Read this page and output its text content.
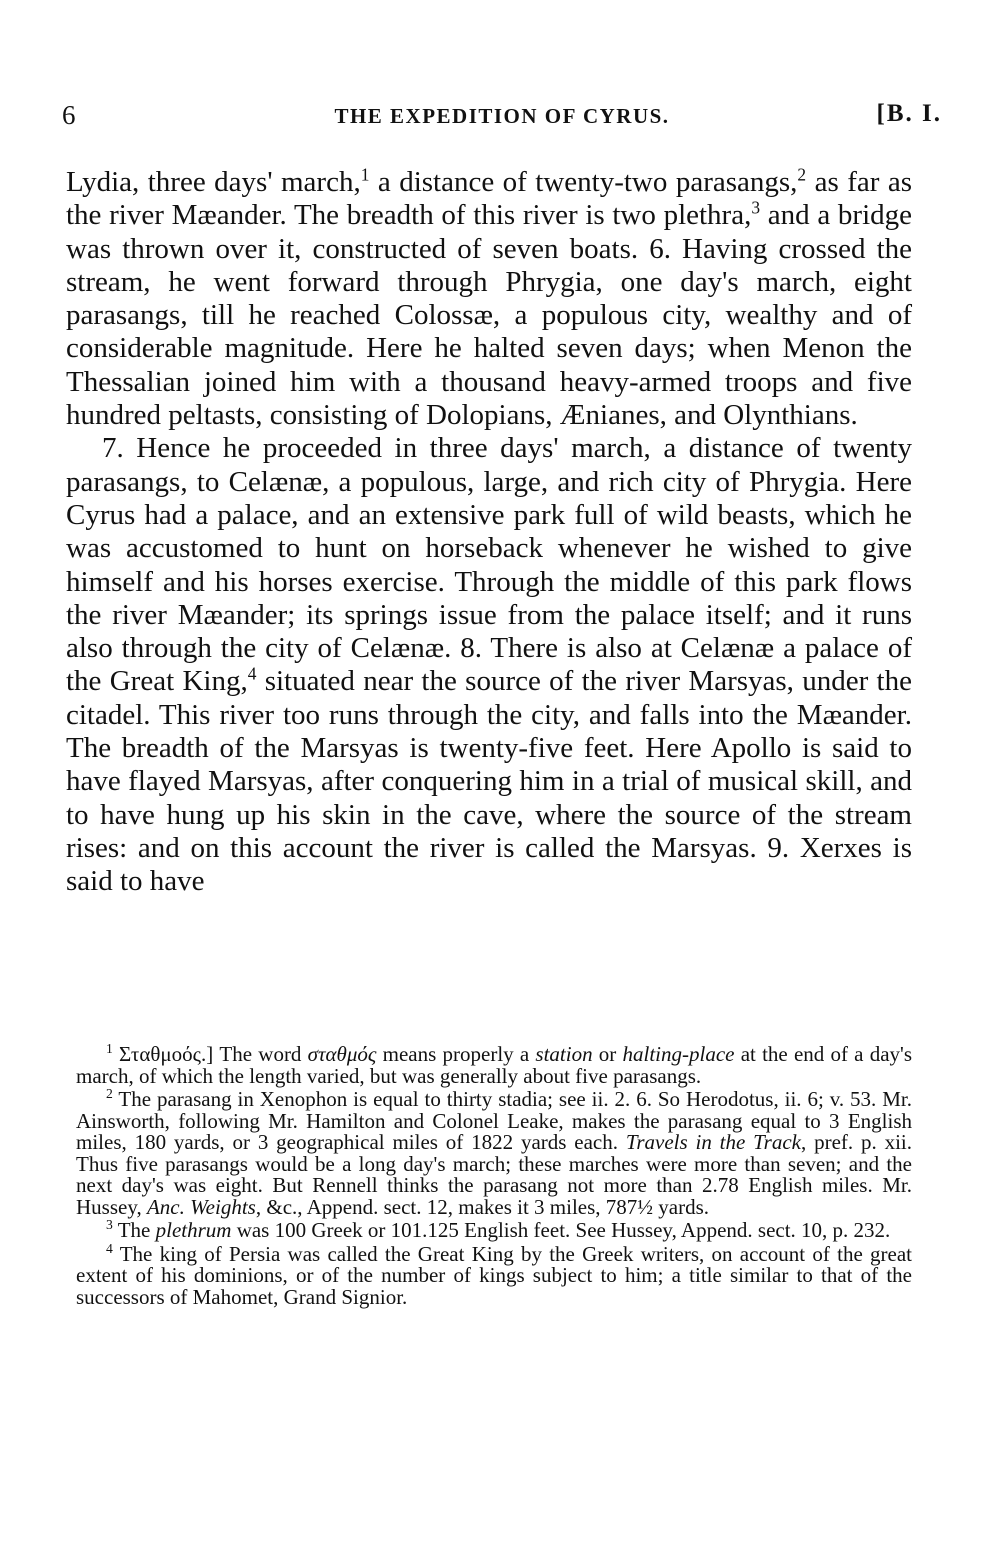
6	THE EXPEDITION OF CYRUS.	[B. I.

Lydia, three days' march,$^1$ a distance of twenty-two parasangs,$^2$ as far as the river Mæander. The breadth of this river is two plethra,$^3$ and a bridge was thrown over it, constructed of seven boats. 6. Having crossed the stream, he went forward through Phrygia, one day's march, eight parasangs, till he reached Colossæ, a populous city, wealthy and of considerable magnitude. Here he halted seven days; when Menon the Thessalian joined him with a thousand heavy-armed troops and five hundred peltasts, consisting of Dolopians, Ænianes, and Olynthians.

7. Hence he proceeded in three days' march, a distance of twenty parasangs, to Celænæ, a populous, large, and rich city of Phrygia. Here Cyrus had a palace, and an extensive park full of wild beasts, which he was accustomed to hunt on horseback whenever he wished to give himself and his horses exercise. Through the middle of this park flows the river Mæander; its springs issue from the palace itself; and it runs also through the city of Celænæ. 8. There is also at Celænæ a palace of the Great King,$^4$ situated near the source of the river Marsyas, under the citadel. This river too runs through the city, and falls into the Mæander. The breadth of the Marsyas is twenty-five feet. Here Apollo is said to have flayed Marsyas, after conquering him in a trial of musical skill, and to have hung up his skin in the cave, where the source of the stream rises: and on this account the river is called the Marsyas. 9. Xerxes is said to have

$^1$ Σταθμοός.] The word σταθμός means properly a station or halting-place at the end of a day's march, of which the length varied, but was generally about five parasangs.

$^2$ The parasang in Xenophon is equal to thirty stadia; see ii. 2. 6. So Herodotus, ii. 6; v. 53. Mr. Ainsworth, following Mr. Hamilton and Colonel Leake, makes the parasang equal to 3 English miles, 180 yards, or 3 geographical miles of 1822 yards each. Travels in the Track, pref. p. xii. Thus five parasangs would be a long day's march; these marches were more than seven; and the next day's was eight. But Rennell thinks the parasang not more than 2.78 English miles. Mr. Hussey, Anc. Weights, &c., Append. sect. 12, makes it 3 miles, 787½ yards.

$^3$ The plethrum was 100 Greek or 101.125 English feet. See Hussey, Append. sect. 10, p. 232.

$^4$ The king of Persia was called the Great King by the Greek writers, on account of the great extent of his dominions, or of the number of kings subject to him; a title similar to that of the successors of Mahomet, Grand Signior.
